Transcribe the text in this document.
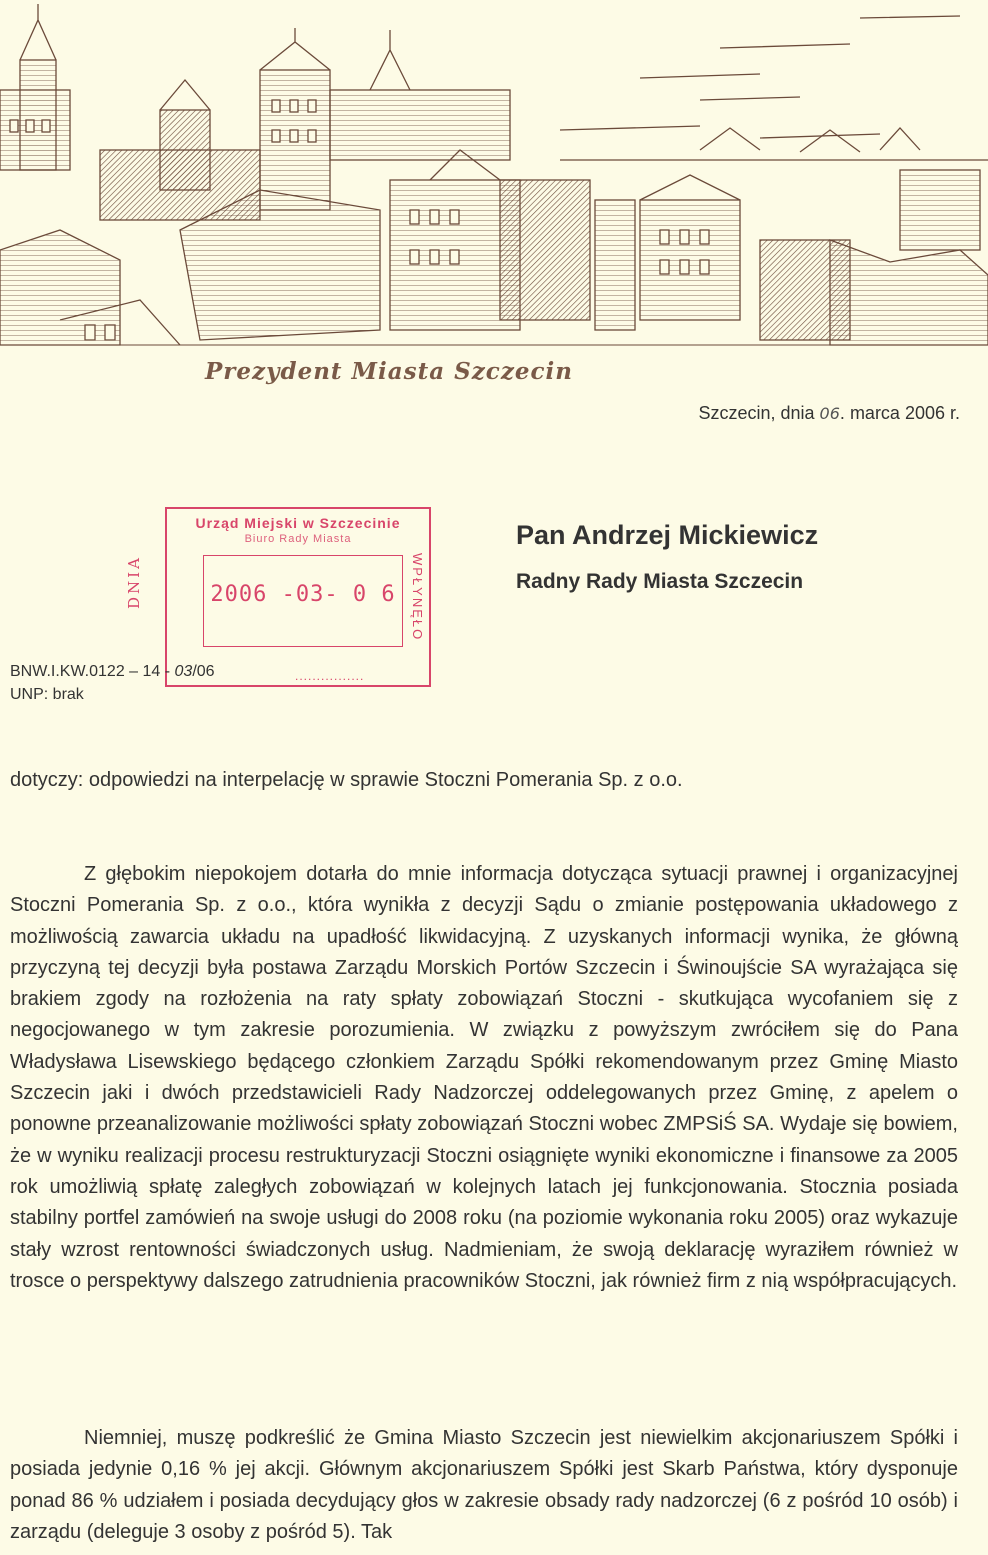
Prezydent Miasta Szczecin
Szczecin, dnia 06. marca 2006 r.
Urząd Miejski w Szczecinie
Biuro Rady Miasta
DNIA	2006 -03- 0 6	WPŁYNĘŁO
................
Pan Andrzej Mickiewicz
Radny Rady Miasta Szczecin
BNW.I.KW.0122 – 14 - 03/06
UNP: brak
dotyczy: odpowiedzi na interpelację w sprawie Stoczni Pomerania Sp. z o.o.
Z głębokim niepokojem dotarła do mnie informacja dotycząca sytuacji prawnej i organizacyjnej Stoczni Pomerania Sp. z o.o., która wynikła z decyzji Sądu o zmianie postępowania układowego z możliwością zawarcia układu na upadłość likwidacyjną. Z uzyskanych informacji wynika, że główną przyczyną tej decyzji była postawa Zarządu Morskich Portów Szczecin i Świnoujście SA wyrażająca się brakiem zgody na rozłożenia na raty spłaty zobowiązań Stoczni - skutkująca wycofaniem się z negocjowanego w tym zakresie porozumienia. W związku z powyższym zwróciłem się do Pana Władysława Lisewskiego będącego członkiem Zarządu Spółki rekomendowanym przez Gminę Miasto Szczecin jaki i dwóch przedstawicieli Rady Nadzorczej oddelegowanych przez Gminę, z apelem o ponowne przeanalizowanie możliwości spłaty zobowiązań Stoczni wobec ZMPSiŚ SA. Wydaje się bowiem, że w wyniku realizacji procesu restrukturyzacji Stoczni osiągnięte wyniki ekonomiczne i finansowe za 2005 rok umożliwią spłatę zaległych zobowiązań w kolejnych latach jej funkcjonowania. Stocznia posiada stabilny portfel zamówień na swoje usługi do 2008 roku (na poziomie wykonania roku 2005) oraz wykazuje stały wzrost rentowności świadczonych usług. Nadmieniam, że swoją deklarację wyraziłem również w trosce o perspektywy dalszego zatrudnienia pracowników Stoczni, jak również firm z nią współpracujących.
Niemniej, muszę podkreślić że Gmina Miasto Szczecin jest niewielkim akcjonariuszem Spółki i posiada jedynie 0,16 % jej akcji. Głównym akcjonariuszem Spółki jest Skarb Państwa, który dysponuje ponad 86 % udziałem i posiada decydujący głos w zakresie obsady rady nadzorczej (6 z pośród 10 osób) i zarządu (deleguje 3 osoby z pośród 5). Tak
